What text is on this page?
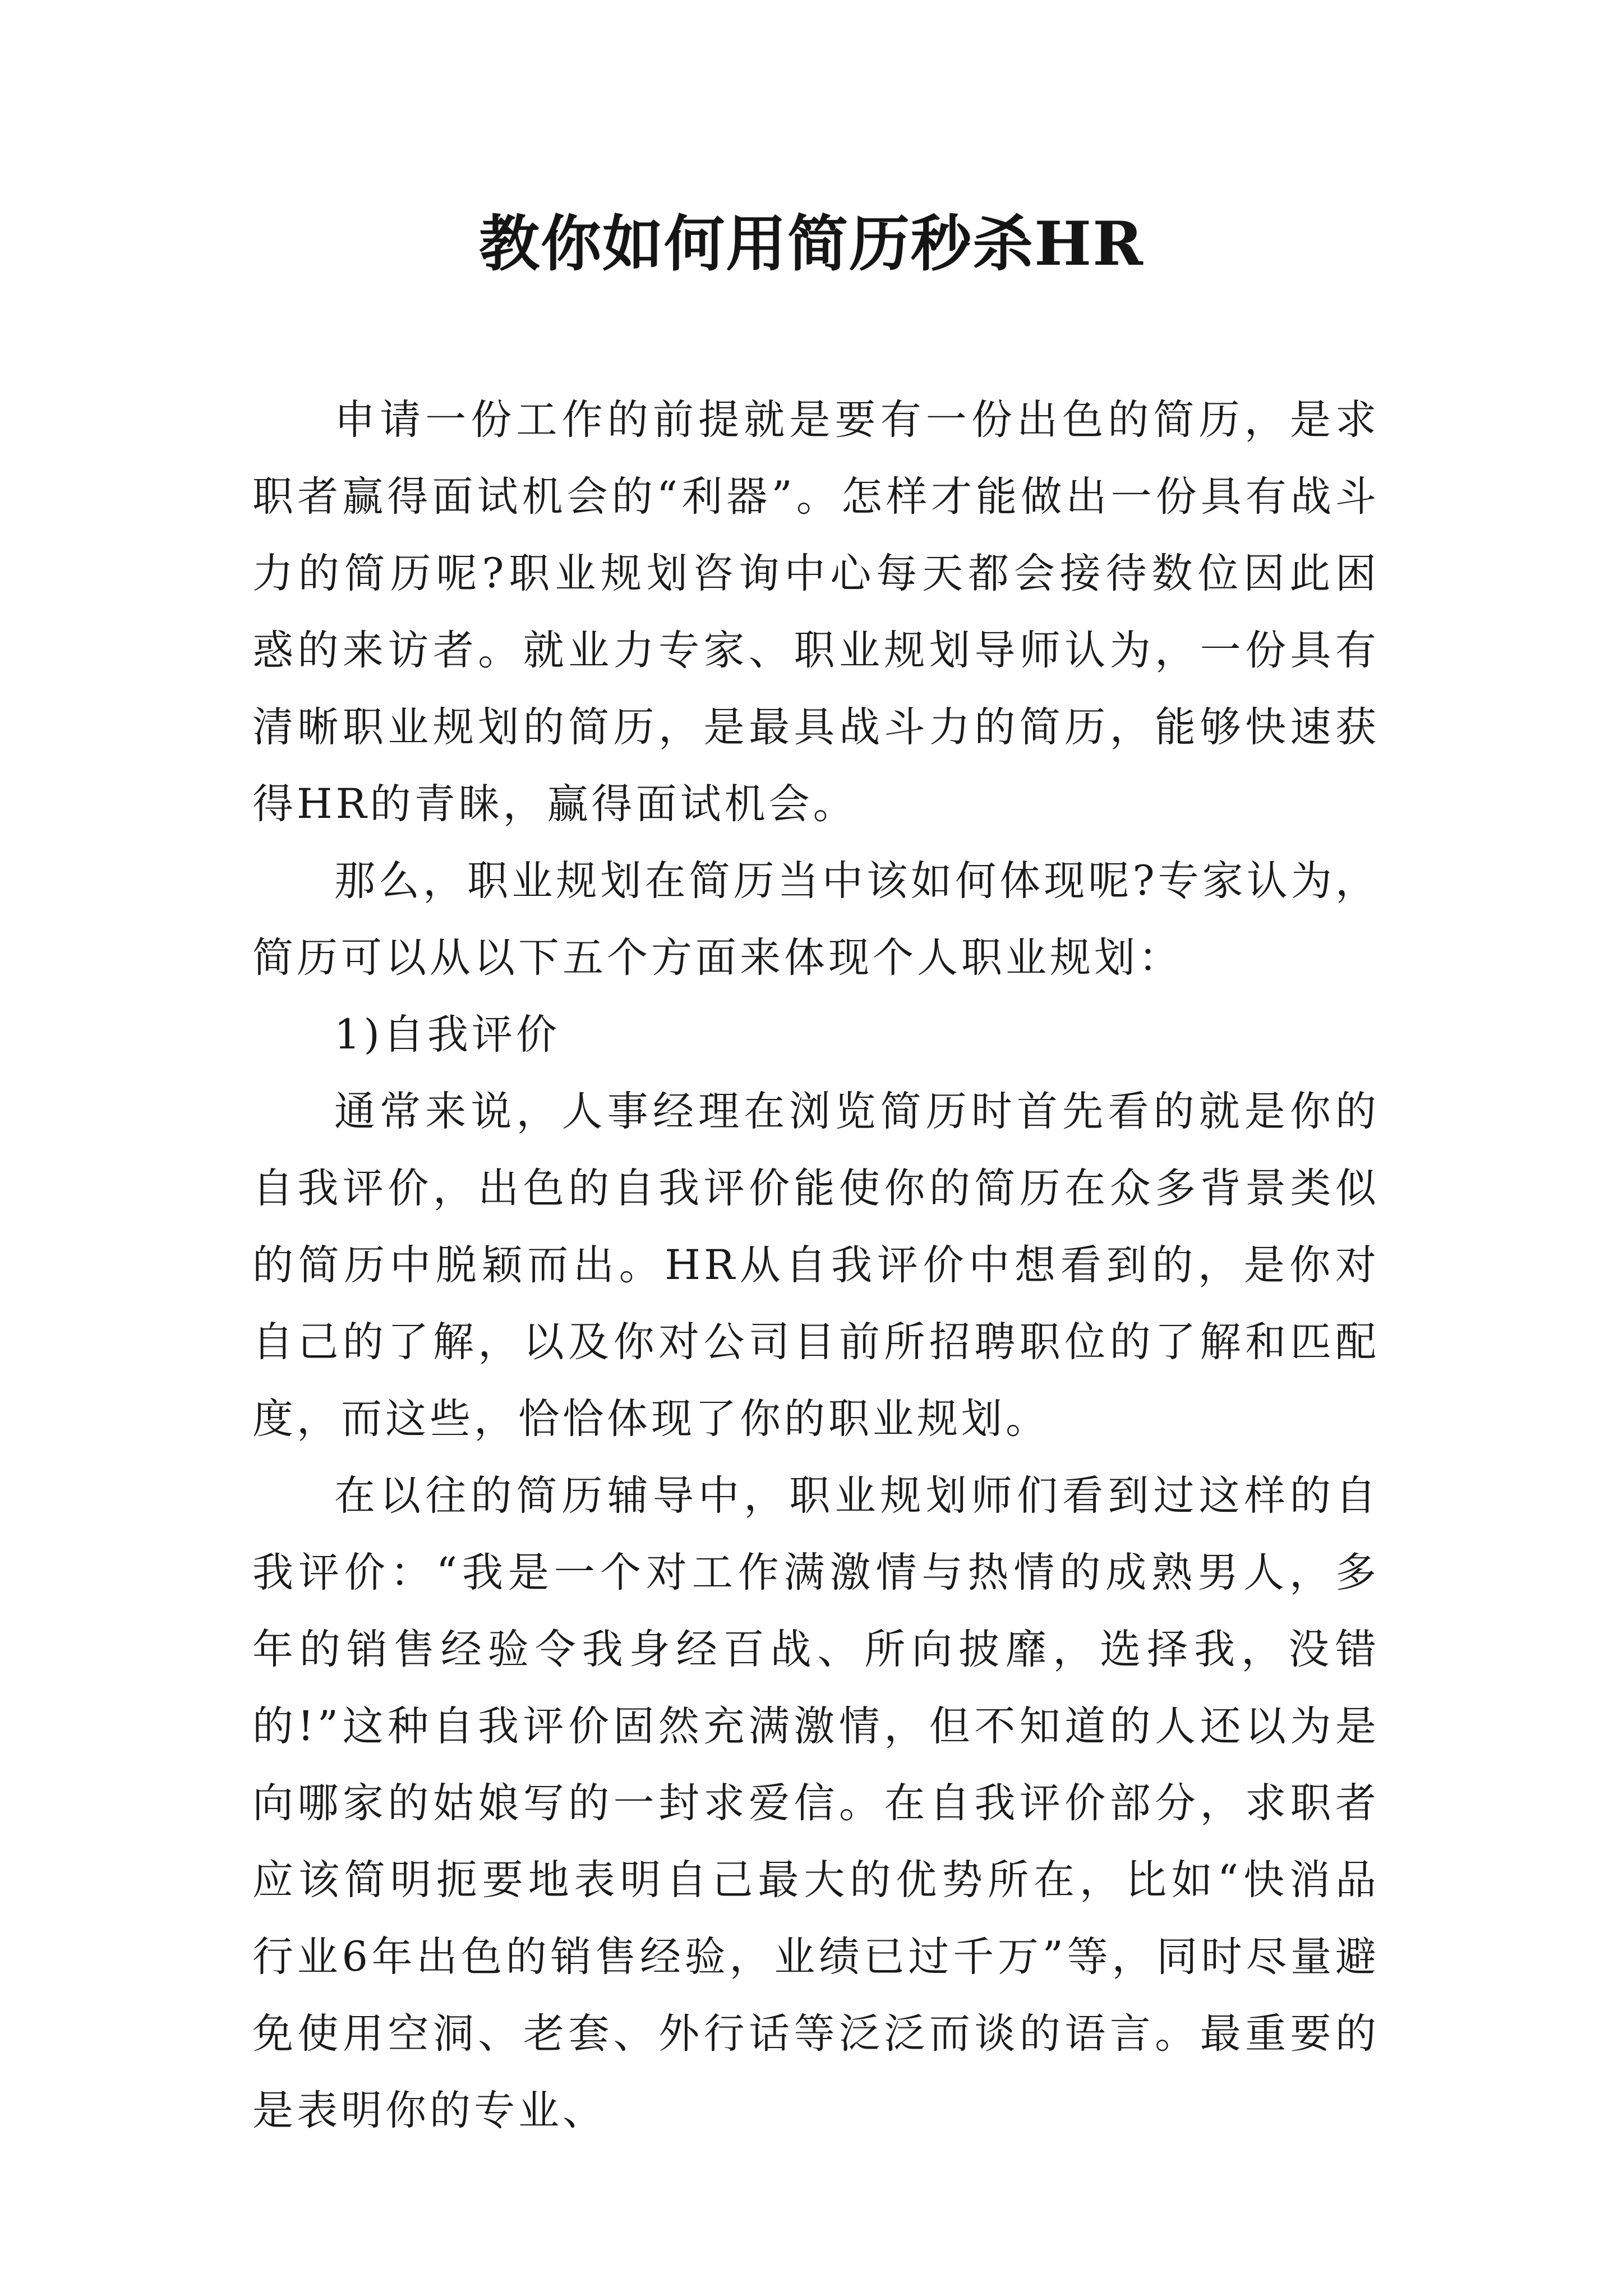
教你如何用简历秒杀HR

申请一份工作的前提就是要有一份出色的简历，是求职者赢得面试机会的“利器”。怎样才能做出一份具有战斗力的简历呢?职业规划咨询中心每天都会接待数位因此困惑的来访者。就业力专家、职业规划导师认为，一份具有清晰职业规划的简历，是最具战斗力的简历，能够快速获得HR的青睐，赢得面试机会。

那么，职业规划在简历当中该如何体现呢?专家认为，简历可以从以下五个方面来体现个人职业规划：

1)自我评价

通常来说，人事经理在浏览简历时首先看的就是你的自我评价，出色的自我评价能使你的简历在众多背景类似的简历中脱颖而出。HR从自我评价中想看到的，是你对自己的了解，以及你对公司目前所招聘职位的了解和匹配度，而这些，恰恰体现了你的职业规划。

在以往的简历辅导中，职业规划师们看到过这样的自我评价：“我是一个对工作满激情与热情的成熟男人，多年的销售经验令我身经百战、所向披靡，选择我，没错的!”这种自我评价固然充满激情，但不知道的人还以为是向哪家的姑娘写的一封求爱信。在自我评价部分，求职者应该简明扼要地表明自己最大的优势所在，比如“快消品行业6年出色的销售经验，业绩已过千万”等，同时尽量避免使用空洞、老套、外行话等泛泛而谈的语言。最重要的是表明你的专业、
